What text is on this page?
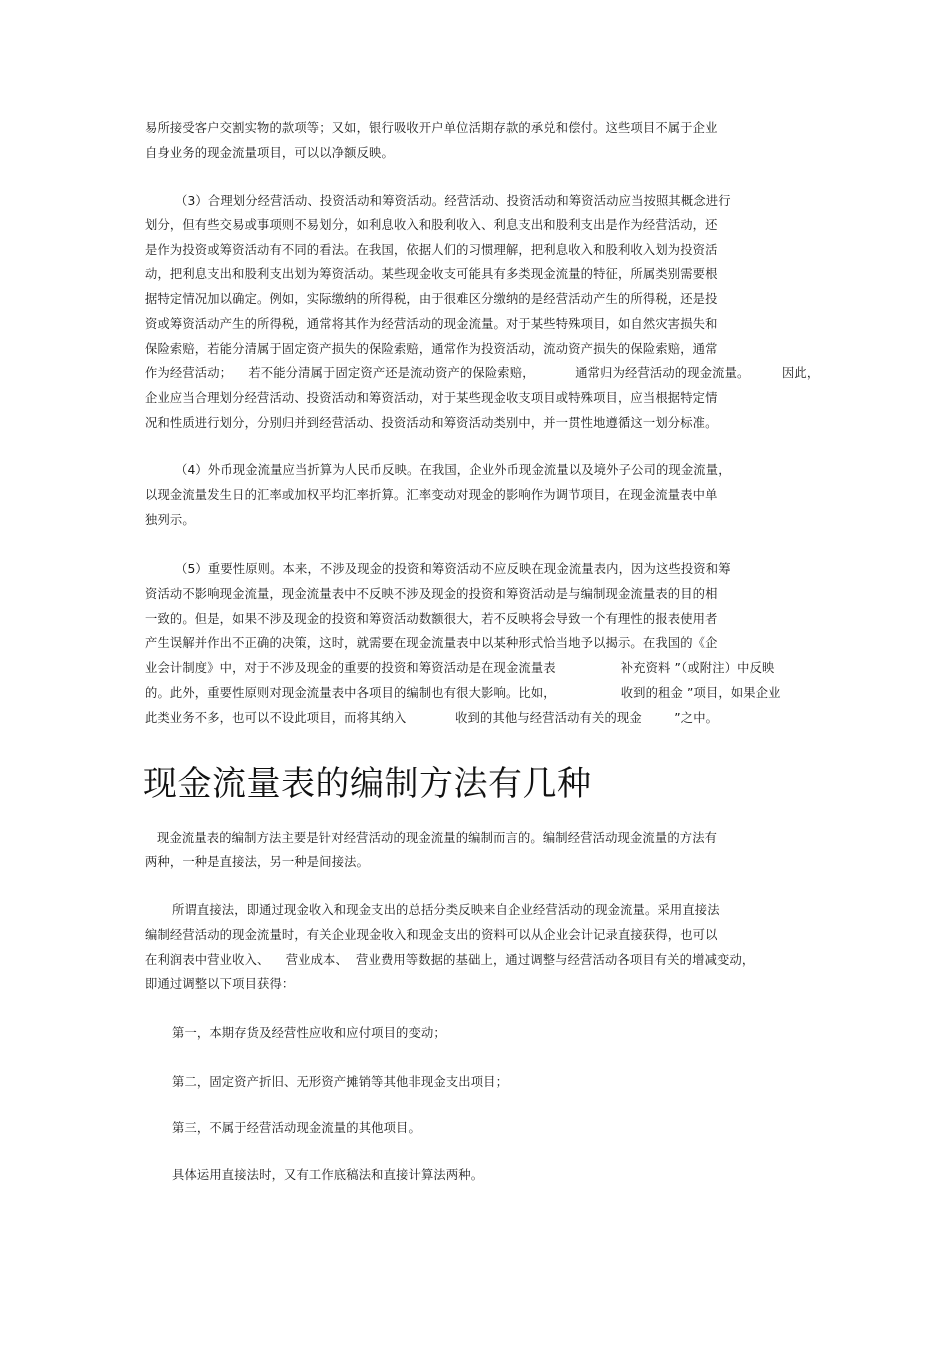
易所接受客户交割实物的款项等；又如，银行吸收开户单位活期存款的承兑和偿付。这些项目不属于企业
自身业务的现金流量项目，可以以净额反映。
（3）合理划分经营活动、投资活动和筹资活动。经营活动、投资活动和筹资活动应当按照其概念进行
划分，但有些交易或事项则不易划分，如利息收入和股利收入、利息支出和股利支出是作为经营活动，还
是作为投资或筹资活动有不同的看法。在我国，依据人们的习惯理解，把利息收入和股利收入划为投资活
动，把利息支出和股利支出划为筹资活动。某些现金收支可能具有多类现金流量的特征，所属类别需要根
据特定情况加以确定。例如，实际缴纳的所得税，由于很难区分缴纳的是经营活动产生的所得税，还是投
资或筹资活动产生的所得税，通常将其作为经营活动的现金流量。对于某些特殊项目，如自然灾害损失和
保险索赔，若能分清属于固定资产损失的保险索赔，通常作为投资活动，流动资产损失的保险索赔，通常
作为经营活动；    若不能分清属于固定资产还是流动资产的保险索赔，          通常归为经营活动的现金流量。        因此，
企业应当合理划分经营活动、投资活动和筹资活动，对于某些现金收支项目或特殊项目，应当根据特定情
况和性质进行划分，分别归并到经营活动、投资活动和筹资活动类别中，并一贯性地遵循这一划分标准。
（4）外币现金流量应当折算为人民币反映。在我国，企业外币现金流量以及境外子公司的现金流量，
以现金流量发生日的汇率或加权平均汇率折算。汇率变动对现金的影响作为调节项目，在现金流量表中单
独列示。
（5）重要性原则。本来，不涉及现金的投资和筹资活动不应反映在现金流量表内，因为这些投资和筹
资活动不影响现金流量，现金流量表中不反映不涉及现金的投资和筹资活动是与编制现金流量表的目的相
一致的。但是，如果不涉及现金的投资和筹资活动数额很大，若不反映将会导致一个有理性的报表使用者
产生误解并作出不正确的决策，这时，就需要在现金流量表中以某种形式恰当地予以揭示。在我国的《企
业会计制度》中，对于不涉及现金的重要的投资和筹资活动是在现金流量表                补充资料 ”（或附注）中反映
的。此外，重要性原则对现金流量表中各项目的编制也有很大影响。比如，                收到的租金 ”项目，如果企业
此类业务不多，也可以不设此项目，而将其纳入            收到的其他与经营活动有关的现金        ”之中。
现金流量表的编制方法有几种
现金流量表的编制方法主要是针对经营活动的现金流量的编制而言的。编制经营活动现金流量的方法有
两种，一种是直接法，另一种是间接法。
所谓直接法，即通过现金收入和现金支出的总括分类反映来自企业经营活动的现金流量。采用直接法
编制经营活动的现金流量时，有关企业现金收入和现金支出的资料可以从企业会计记录直接获得，也可以
在利润表中营业收入、    营业成本、  营业费用等数据的基础上，通过调整与经营活动各项目有关的增减变动，
即通过调整以下项目获得：
第一，本期存货及经营性应收和应付项目的变动；
第二，固定资产折旧、无形资产摊销等其他非现金支出项目；
第三，不属于经营活动现金流量的其他项目。
具体运用直接法时，又有工作底稿法和直接计算法两种。
